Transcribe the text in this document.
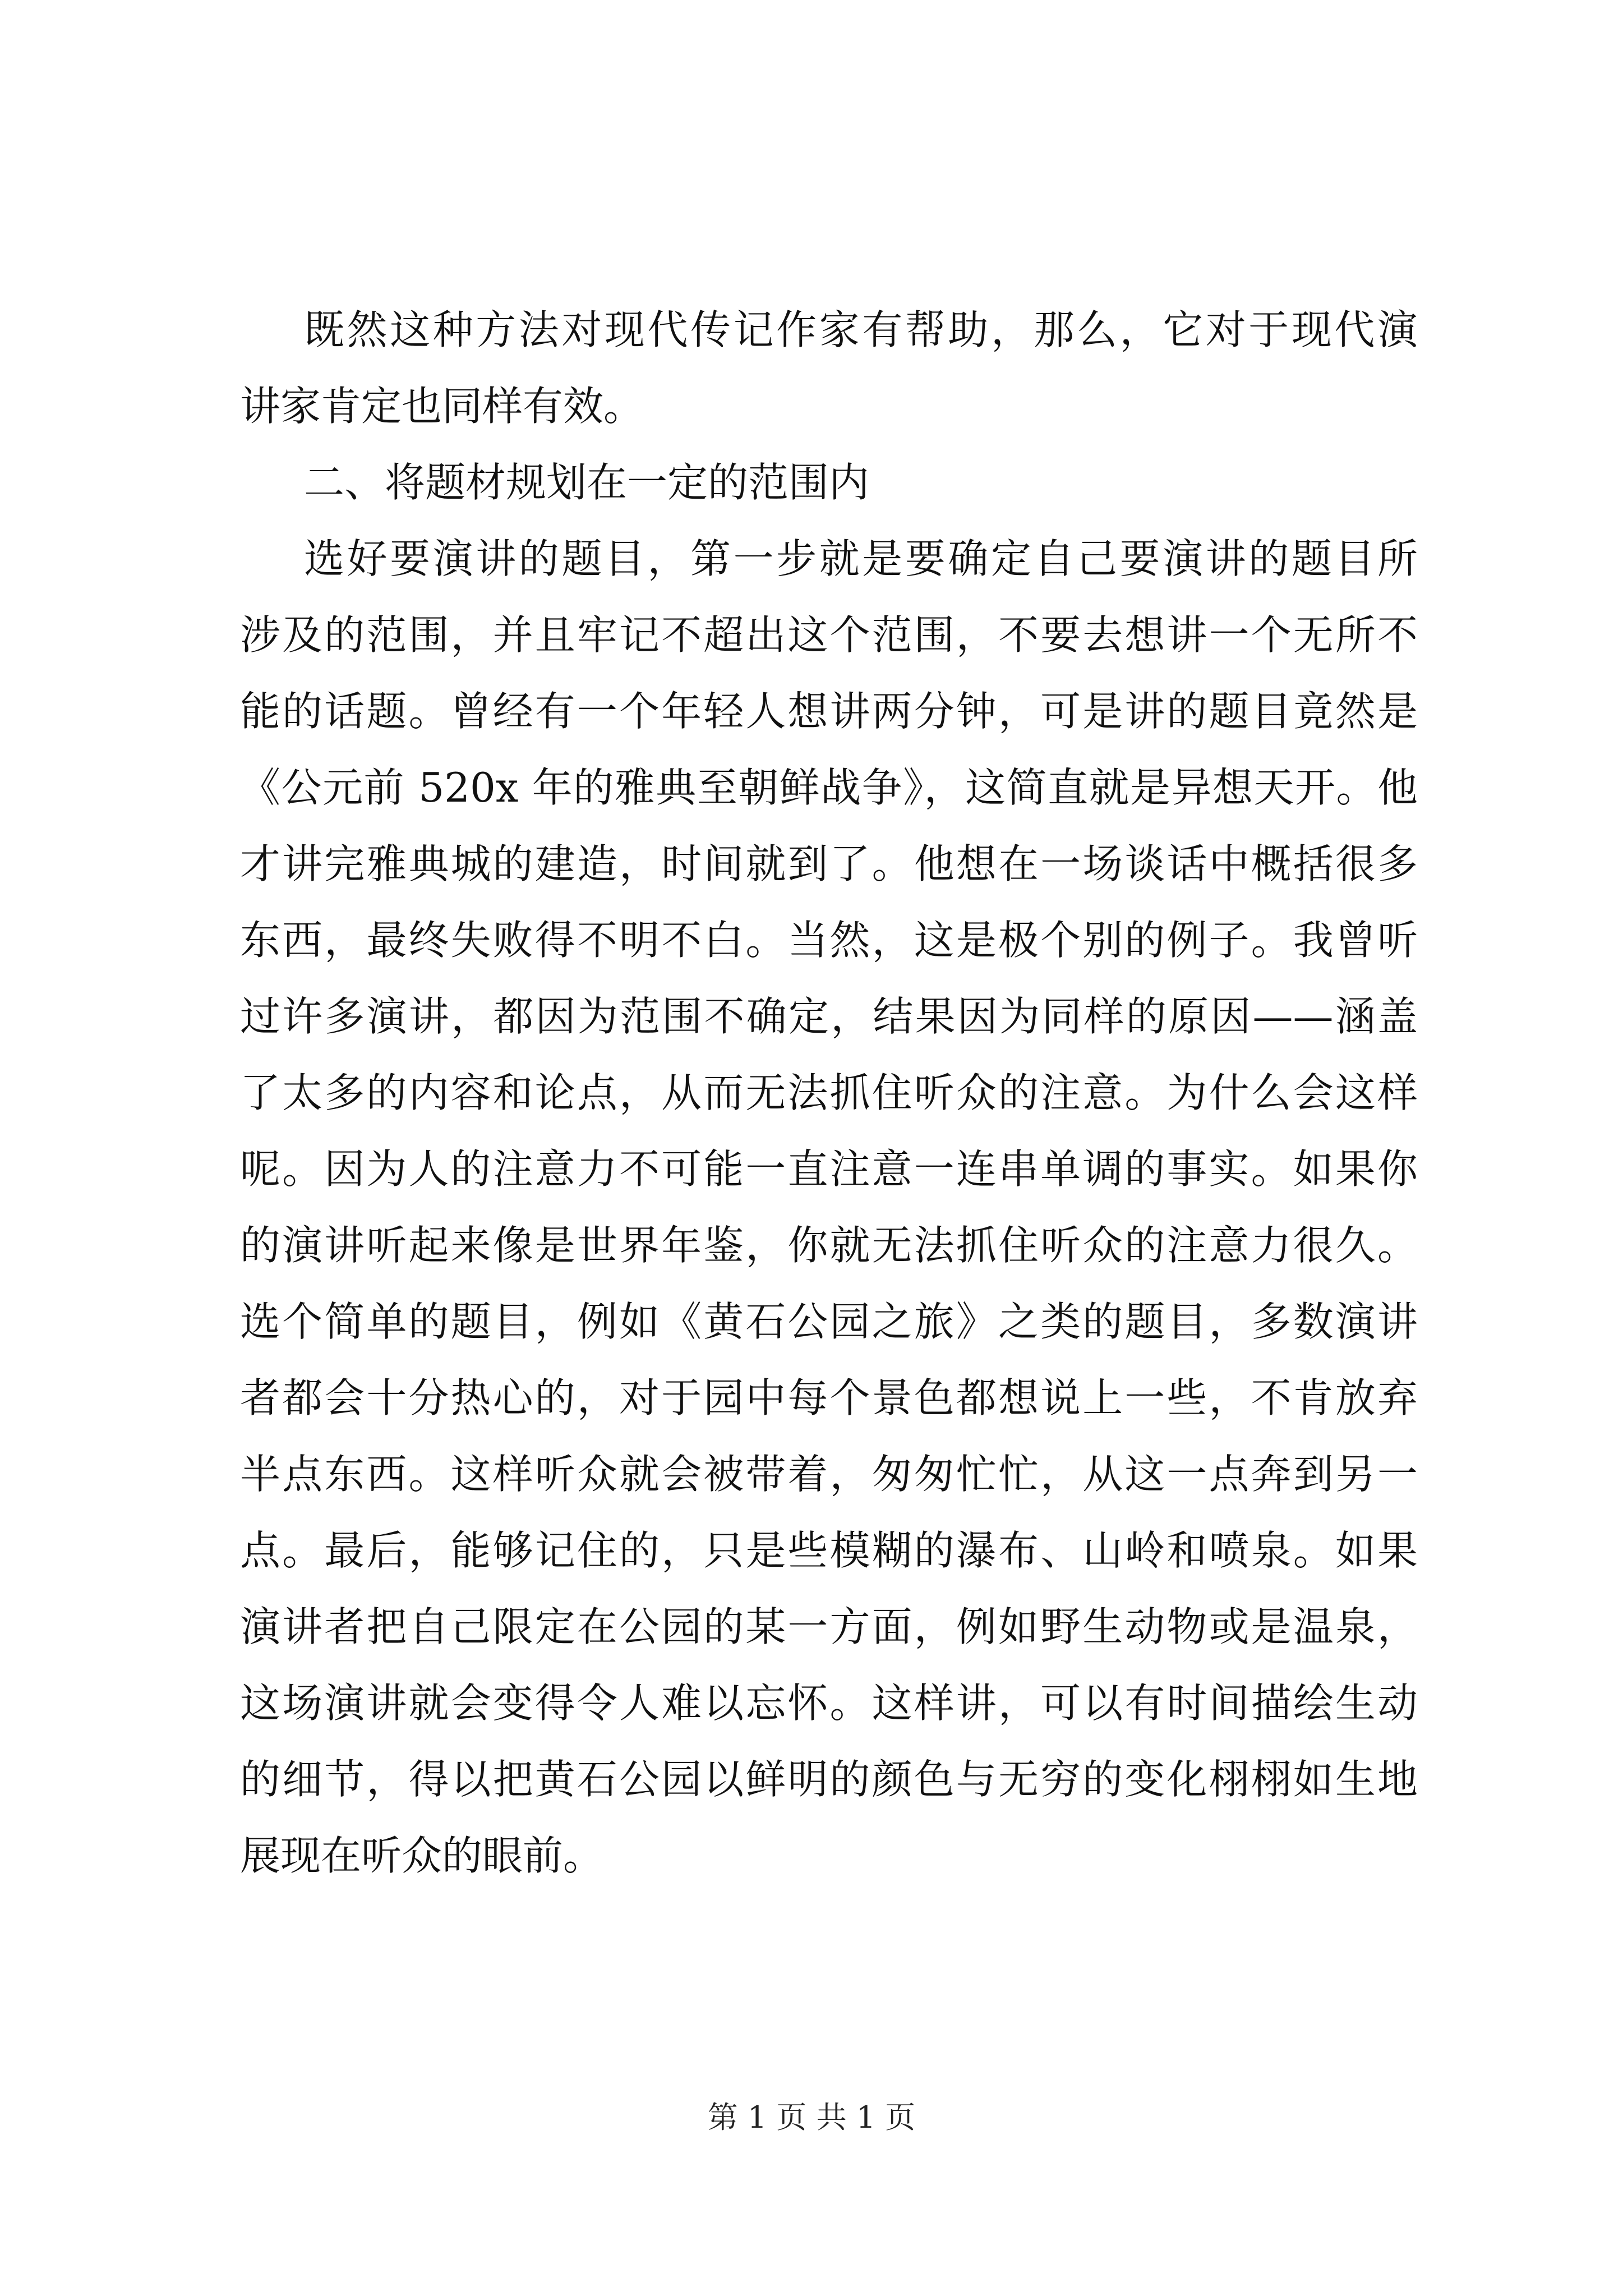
既然这种方法对现代传记作家有帮助，那么，它对于现代演
讲家肯定也同样有效。
二、将题材规划在一定的范围内
选好要演讲的题目，第一步就是要确定自己要演讲的题目所
涉及的范围，并且牢记不超出这个范围，不要去想讲一个无所不
能的话题。曾经有一个年轻人想讲两分钟，可是讲的题目竟然是
《公元前 520x 年的雅典至朝鲜战争》，这简直就是异想天开。他
才讲完雅典城的建造，时间就到了。他想在一场谈话中概括很多
东西，最终失败得不明不白。当然，这是极个别的例子。我曾听
过许多演讲，都因为范围不确定，结果因为同样的原因——涵盖
了太多的内容和论点，从而无法抓住听众的注意。为什么会这样
呢。因为人的注意力不可能一直注意一连串单调的事实。如果你
的演讲听起来像是世界年鉴，你就无法抓住听众的注意力很久。
选个简单的题目，例如《黄石公园之旅》之类的题目，多数演讲
者都会十分热心的，对于园中每个景色都想说上一些，不肯放弃
半点东西。这样听众就会被带着，匆匆忙忙，从这一点奔到另一
点。最后，能够记住的，只是些模糊的瀑布、山岭和喷泉。如果
演讲者把自己限定在公园的某一方面，例如野生动物或是温泉，
这场演讲就会变得令人难以忘怀。这样讲，可以有时间描绘生动
的细节，得以把黄石公园以鲜明的颜色与无穷的变化栩栩如生地
展现在听众的眼前。
第 1 页 共 1 页
